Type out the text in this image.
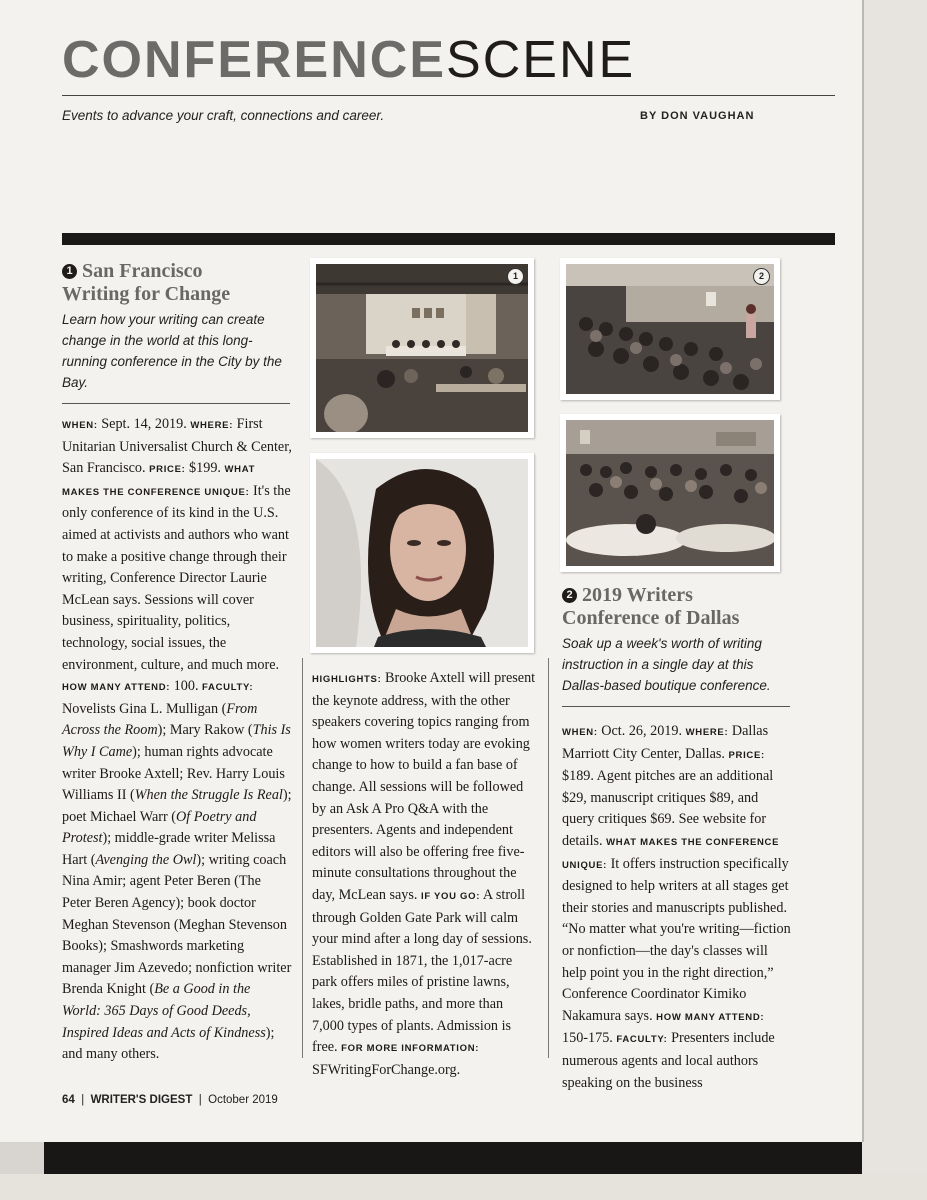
CONFERENCESCENE
Events to advance your craft, connections and career.	BY DON VAUGHAN
1 San Francisco
Writing for Change
Learn how your writing can create change in the world at this long-running conference in the City by the Bay.

WHEN: Sept. 14, 2019. WHERE: First Unitarian Universalist Church & Center, San Francisco. PRICE: $199. WHAT MAKES THE CONFERENCE UNIQUE: It's the only conference of its kind in the U.S. aimed at activists and authors who want to make a positive change through their writing, Conference Director Laurie McLean says. Sessions will cover business, spirituality, politics, technology, social issues, the environment, culture, and much more. HOW MANY ATTEND: 100. FACULTY: Novelists Gina L. Mulligan (From Across the Room); Mary Rakow (This Is Why I Came); human rights advocate writer Brooke Axtell; Rev. Harry Louis Williams II (When the Struggle Is Real); poet Michael Warr (Of Poetry and Protest); middle-grade writer Melissa Hart (Avenging the Owl); writing coach Nina Amir; agent Peter Beren (The Peter Beren Agency); book doctor Meghan Stevenson (Meghan Stevenson Books); Smashwords marketing manager Jim Azevedo; nonfiction writer Brenda Knight (Be a Good in the World: 365 Days of Good Deeds, Inspired Ideas and Acts of Kindness); and many others.

1

HIGHLIGHTS: Brooke Axtell will present the keynote address, with the other speakers covering topics ranging from how women writers today are evoking change to how to build a fan base of change. All sessions will be followed by an Ask A Pro Q&A with the presenters. Agents and independent editors will also be offering free five-minute consultations throughout the day, McLean says. IF YOU GO: A stroll through Golden Gate Park will calm your mind after a long day of sessions. Established in 1871, the 1,017-acre park offers miles of pristine lawns, lakes, bridle paths, and more than 7,000 types of plants. Admission is free. FOR MORE INFORMATION:
SFWritingForChange.org.

2
2 2019 Writers
Conference of Dallas
Soak up a week's worth of writing instruction in a single day at this Dallas-based boutique conference.

WHEN: Oct. 26, 2019. WHERE: Dallas Marriott City Center, Dallas. PRICE: $189. Agent pitches are an additional $29, manuscript critiques $89, and query critiques $69. See website for details. WHAT MAKES THE CONFERENCE UNIQUE: It offers instruction specifically designed to help writers at all stages get their stories and manuscripts published. “No matter what you're writing—fiction or nonfiction—the day's classes will help point you in the right direction,” Conference Coordinator Kimiko Nakamura says. HOW MANY ATTEND: 150-175. FACULTY: Presenters include numerous agents and local authors speaking on the business

64 | WRITER'S DIGEST | October 2019
